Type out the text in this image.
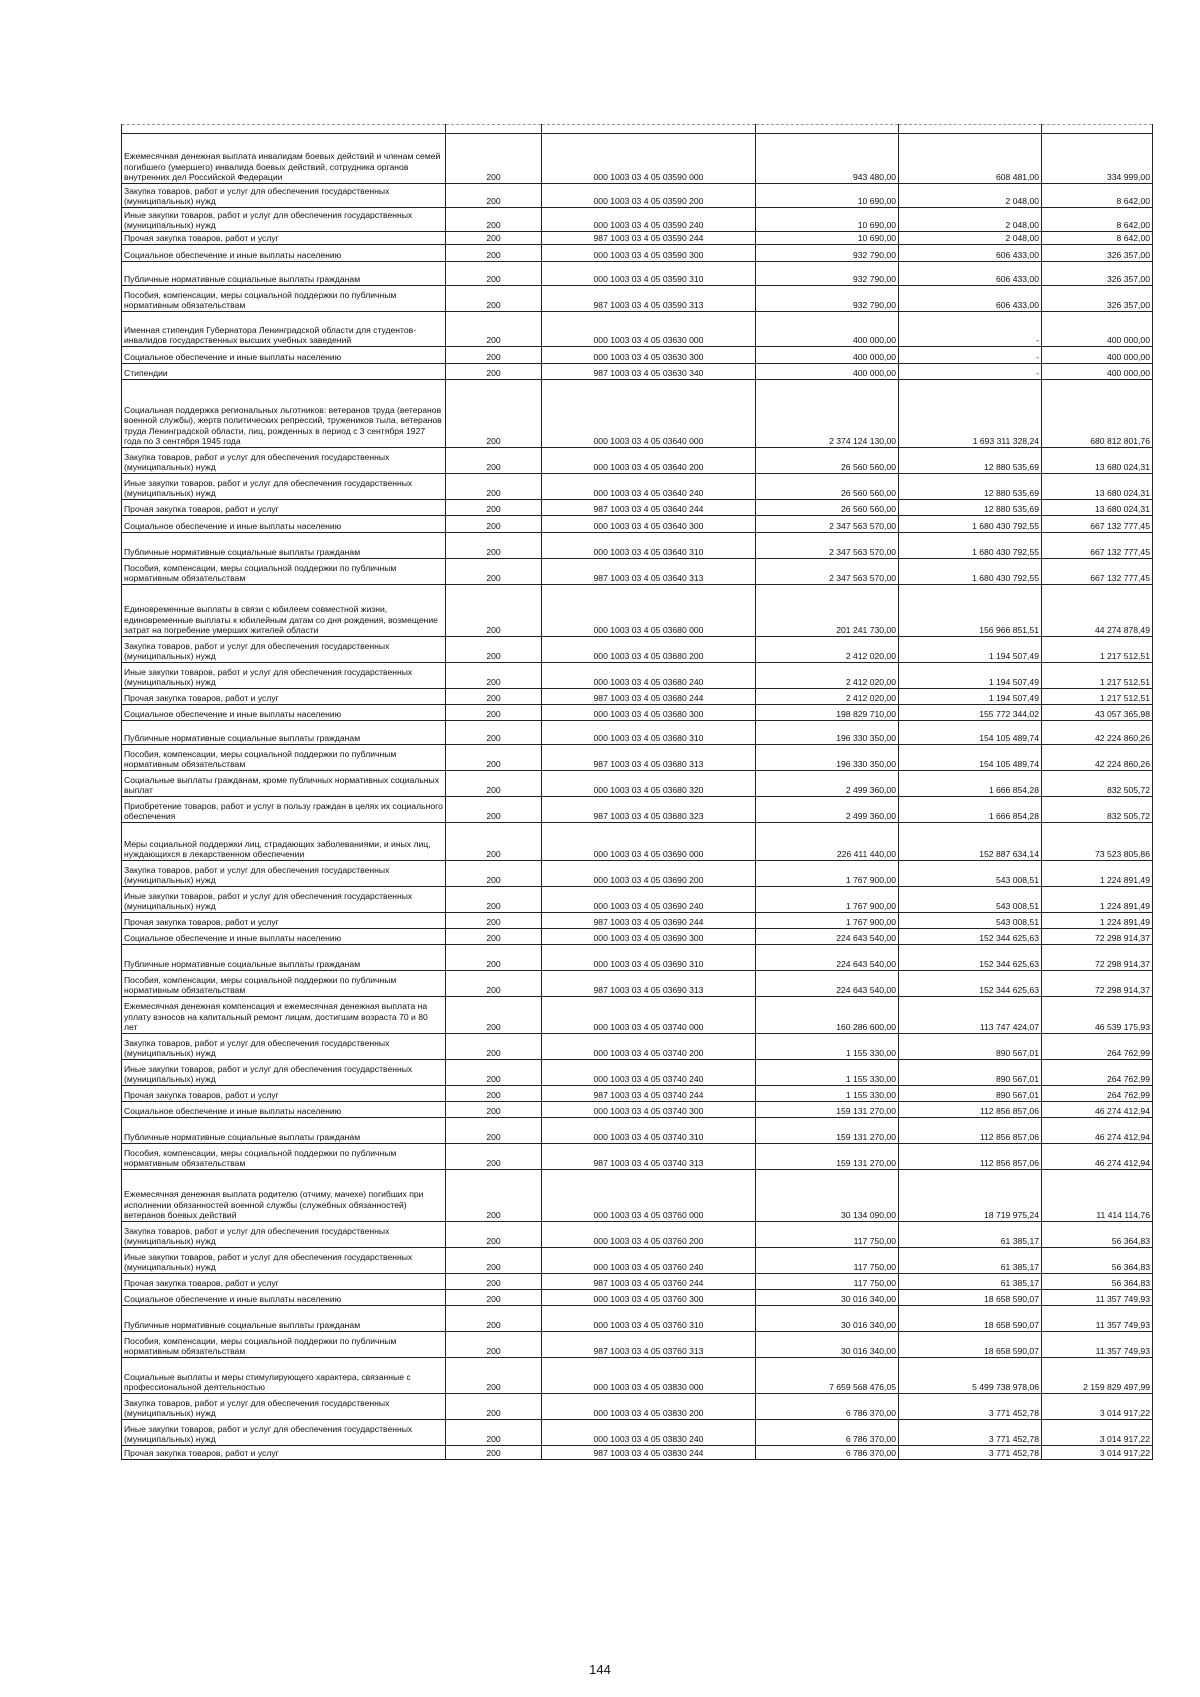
Ежемесячная денежная выплата инвалидам боевых действий и членам семей погибшего (умершего) инвалида боевых действий, сотрудника органов внутренних дел Российской Федерации	200	000 1003 03 4 05 03590 000	943 480,00	608 481,00	334 999,00
Закупка товаров, работ и услуг для обеспечения государственных (муниципальных) нужд	200	000 1003 03 4 05 03590 200	10 690,00	2 048,00	8 642,00
Иные закупки товаров, работ и услуг для обеспечения государственных (муниципальных) нужд	200	000 1003 03 4 05 03590 240	10 690,00	2 048,00	8 642,00
Прочая закупка товаров, работ и услуг	200	987 1003 03 4 05 03590 244	10 690,00	2 048,00	8 642,00
Социальное обеспечение и иные выплаты населению	200	000 1003 03 4 05 03590 300	932 790,00	606 433,00	326 357,00
Публичные нормативные социальные выплаты гражданам	200	000 1003 03 4 05 03590 310	932 790,00	606 433,00	326 357,00
Пособия, компенсации, меры социальной поддержки по публичным нормативным обязательствам	200	987 1003 03 4 05 03590 313	932 790,00	606 433,00	326 357,00
Именная стипендия Губернатора Ленинградской области для студентов-инвалидов государственных высших учебных заведений	200	000 1003 03 4 05 03630 000	400 000,00	-	400 000,00
Социальное обеспечение и иные выплаты населению	200	000 1003 03 4 05 03630 300	400 000,00	-	400 000,00
Стипендии	200	987 1003 03 4 05 03630 340	400 000,00	-	400 000,00
Социальная поддержка региональных льготников: ветеранов труда (ветеранов военной службы), жертв политических репрессий, тружеников тыла, ветеранов труда Ленинградской области, лиц, рожденных в период с 3 сентября 1927 года по 3 сентября 1945 года	200	000 1003 03 4 05 03640 000	2 374 124 130,00	1 693 311 328,24	680 812 801,76
Закупка товаров, работ и услуг для обеспечения государственных (муниципальных) нужд	200	000 1003 03 4 05 03640 200	26 560 560,00	12 880 535,69	13 680 024,31
Иные закупки товаров, работ и услуг для обеспечения государственных (муниципальных) нужд	200	000 1003 03 4 05 03640 240	26 560 560,00	12 880 535,69	13 680 024,31
Прочая закупка товаров, работ и услуг	200	987 1003 03 4 05 03640 244	26 560 560,00	12 880 535,69	13 680 024,31
Социальное обеспечение и иные выплаты населению	200	000 1003 03 4 05 03640 300	2 347 563 570,00	1 680 430 792,55	667 132 777,45
Публичные нормативные социальные выплаты гражданам	200	000 1003 03 4 05 03640 310	2 347 563 570,00	1 680 430 792,55	667 132 777,45
Пособия, компенсации, меры социальной поддержки по публичным нормативным обязательствам	200	987 1003 03 4 05 03640 313	2 347 563 570,00	1 680 430 792,55	667 132 777,45
Единовременные выплаты в связи с юбилеем совместной жизни, единовременные выплаты к юбилейным датам со дня рождения, возмещение затрат на погребение умерших жителей области	200	000 1003 03 4 05 03680 000	201 241 730,00	156 966 851,51	44 274 878,49
Закупка товаров, работ и услуг для обеспечения государственных (муниципальных) нужд	200	000 1003 03 4 05 03680 200	2 412 020,00	1 194 507,49	1 217 512,51
Иные закупки товаров, работ и услуг для обеспечения государственных (муниципальных) нужд	200	000 1003 03 4 05 03680 240	2 412 020,00	1 194 507,49	1 217 512,51
Прочая закупка товаров, работ и услуг	200	987 1003 03 4 05 03680 244	2 412 020,00	1 194 507,49	1 217 512,51
Социальное обеспечение и иные выплаты населению	200	000 1003 03 4 05 03680 300	198 829 710,00	155 772 344,02	43 057 365,98
Публичные нормативные социальные выплаты гражданам	200	000 1003 03 4 05 03680 310	196 330 350,00	154 105 489,74	42 224 860,26
Пособия, компенсации, меры социальной поддержки по публичным нормативным обязательствам	200	987 1003 03 4 05 03680 313	196 330 350,00	154 105 489,74	42 224 860,26
Социальные выплаты гражданам, кроме публичных нормативных социальных выплат	200	000 1003 03 4 05 03680 320	2 499 360,00	1 666 854,28	832 505,72
Приобретение товаров, работ и услуг в пользу граждан в целях их социального обеспечения	200	987 1003 03 4 05 03680 323	2 499 360,00	1 666 854,28	832 505,72
Меры социальной поддержки лиц, страдающих заболеваниями, и иных лиц, нуждающихся в лекарственном обеспечении	200	000 1003 03 4 05 03690 000	226 411 440,00	152 887 634,14	73 523 805,86
Закупка товаров, работ и услуг для обеспечения государственных (муниципальных) нужд	200	000 1003 03 4 05 03690 200	1 767 900,00	543 008,51	1 224 891,49
Иные закупки товаров, работ и услуг для обеспечения государственных (муниципальных) нужд	200	000 1003 03 4 05 03690 240	1 767 900,00	543 008,51	1 224 891,49
Прочая закупка товаров, работ и услуг	200	987 1003 03 4 05 03690 244	1 767 900,00	543 008,51	1 224 891,49
Социальное обеспечение и иные выплаты населению	200	000 1003 03 4 05 03690 300	224 643 540,00	152 344 625,63	72 298 914,37
Публичные нормативные социальные выплаты гражданам	200	000 1003 03 4 05 03690 310	224 643 540,00	152 344 625,63	72 298 914,37
Пособия, компенсации, меры социальной поддержки по публичным нормативным обязательствам	200	987 1003 03 4 05 03690 313	224 643 540,00	152 344 625,63	72 298 914,37
Ежемесячная денежная компенсация и ежемесячная денежная выплата на уплату взносов на капитальный ремонт лицам, достигшим возраста 70 и 80 лет	200	000 1003 03 4 05 03740 000	160 286 600,00	113 747 424,07	46 539 175,93
Закупка товаров, работ и услуг для обеспечения государственных (муниципальных) нужд	200	000 1003 03 4 05 03740 200	1 155 330,00	890 567,01	264 762,99
Иные закупки товаров, работ и услуг для обеспечения государственных (муниципальных) нужд	200	000 1003 03 4 05 03740 240	1 155 330,00	890 567,01	264 762,99
Прочая закупка товаров, работ и услуг	200	987 1003 03 4 05 03740 244	1 155 330,00	890 567,01	264 762,99
Социальное обеспечение и иные выплаты населению	200	000 1003 03 4 05 03740 300	159 131 270,00	112 856 857,06	46 274 412,94
Публичные нормативные социальные выплаты гражданам	200	000 1003 03 4 05 03740 310	159 131 270,00	112 856 857,06	46 274 412,94
Пособия, компенсации, меры социальной поддержки по публичным нормативным обязательствам	200	987 1003 03 4 05 03740 313	159 131 270,00	112 856 857,06	46 274 412,94
Ежемесячная денежная выплата родителю (отчиму, мачехе) погибших при исполнении обязанностей военной службы (служебных обязанностей) ветеранов боевых действий	200	000 1003 03 4 05 03760 000	30 134 090,00	18 719 975,24	11 414 114,76
Закупка товаров, работ и услуг для обеспечения государственных (муниципальных) нужд	200	000 1003 03 4 05 03760 200	117 750,00	61 385,17	56 364,83
Иные закупки товаров, работ и услуг для обеспечения государственных (муниципальных) нужд	200	000 1003 03 4 05 03760 240	117 750,00	61 385,17	56 364,83
Прочая закупка товаров, работ и услуг	200	987 1003 03 4 05 03760 244	117 750,00	61 385,17	56 364,83
Социальное обеспечение и иные выплаты населению	200	000 1003 03 4 05 03760 300	30 016 340,00	18 658 590,07	11 357 749,93
Публичные нормативные социальные выплаты гражданам	200	000 1003 03 4 05 03760 310	30 016 340,00	18 658 590,07	11 357 749,93
Пособия, компенсации, меры социальной поддержки по публичным нормативным обязательствам	200	987 1003 03 4 05 03760 313	30 016 340,00	18 658 590,07	11 357 749,93
Социальные выплаты и меры стимулирующего характера, связанные с профессиональной деятельностью	200	000 1003 03 4 05 03830 000	7 659 568 476,05	5 499 738 978,06	2 159 829 497,99
Закупка товаров, работ и услуг для обеспечения государственных (муниципальных) нужд	200	000 1003 03 4 05 03830 200	6 786 370,00	3 771 452,78	3 014 917,22
Иные закупки товаров, работ и услуг для обеспечения государственных (муниципальных) нужд	200	000 1003 03 4 05 03830 240	6 786 370,00	3 771 452,78	3 014 917,22
Прочая закупка товаров, работ и услуг	200	987 1003 03 4 05 03830 244	6 786 370,00	3 771 452,78	3 014 917,22
144
